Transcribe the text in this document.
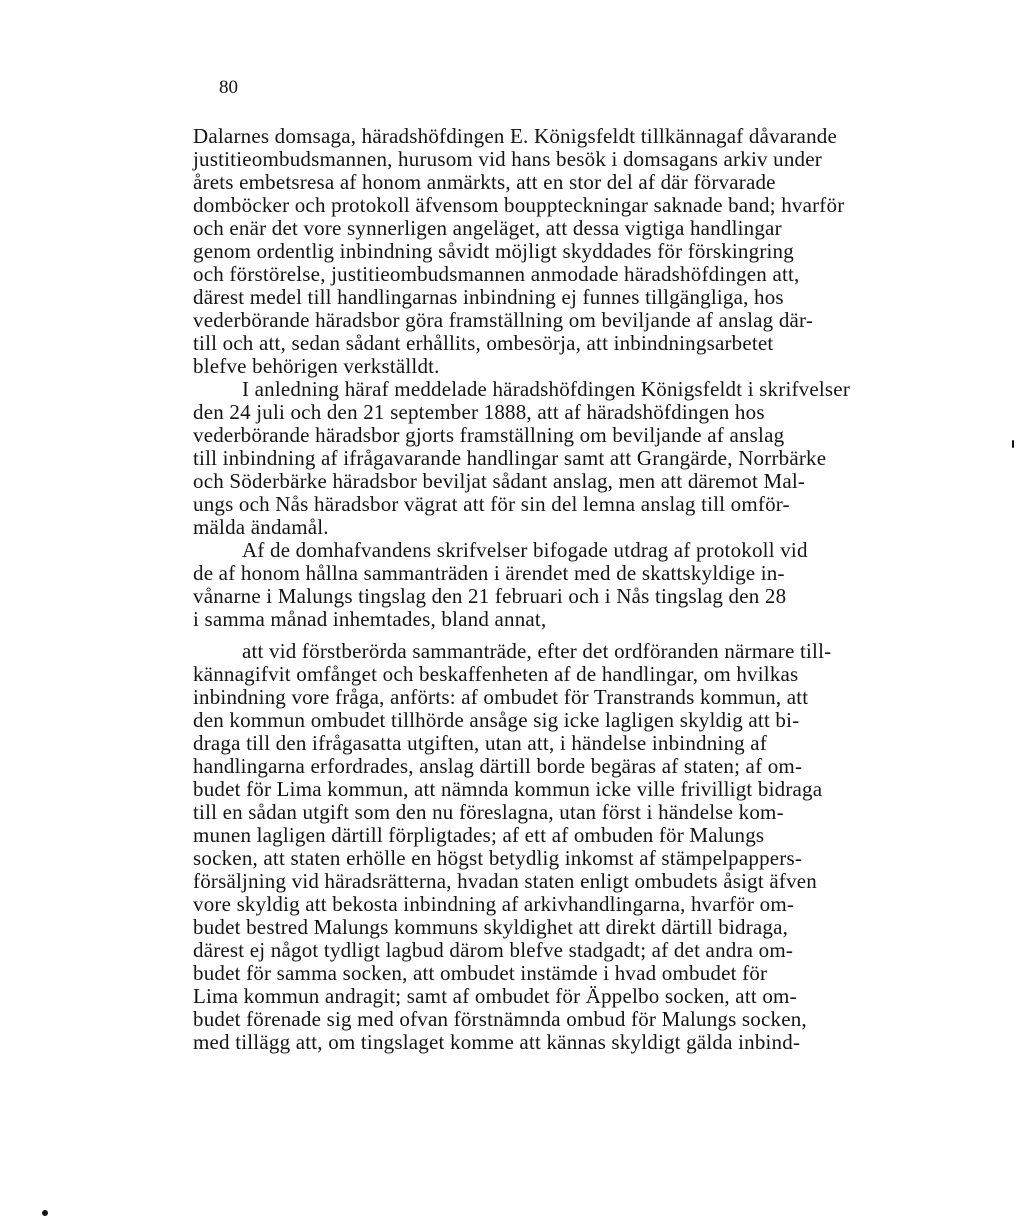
80
Dalarnes domsaga, häradshöfdingen E. Königsfeldt tillkännagaf dåvarande
justitieombudsmannen, hurusom vid hans besök i domsagans arkiv under
årets embetsresa af honom anmärkts, att en stor del af där förvarade
domböcker och protokoll äfvensom bouppteckningar saknade band; hvarför
och enär det vore synnerligen angeläget, att dessa vigtiga handlingar
genom ordentlig inbindning såvidt möjligt skyddades för förskingring
och förstörelse, justitieombudsmannen anmodade häradshöfdingen att,
därest medel till handlingarnas inbindning ej funnes tillgängliga, hos
vederbörande häradsbor göra framställning om beviljande af anslag där-
till och att, sedan sådant erhållits, ombesörja, att inbindningsarbetet
blefve behörigen verkställdt.
I anledning häraf meddelade häradshöfdingen Königsfeldt i skrifvelser
den 24 juli och den 21 september 1888, att af häradshöfdingen hos
vederbörande häradsbor gjorts framställning om beviljande af anslag
till inbindning af ifrågavarande handlingar samt att Grangärde, Norrbärke
och Söderbärke häradsbor beviljat sådant anslag, men att däremot Mal-
ungs och Nås häradsbor vägrat att för sin del lemna anslag till omför-
mälda ändamål.
Af de domhafvandens skrifvelser bifogade utdrag af protokoll vid
de af honom hållna sammanträden i ärendet med de skattskyldige in-
vånarne i Malungs tingslag den 21 februari och i Nås tingslag den 28
i samma månad inhemtades, bland annat,
att vid förstberörda sammanträde, efter det ordföranden närmare till-
kännagifvit omfånget och beskaffenheten af de handlingar, om hvilkas
inbindning vore fråga, anförts: af ombudet för Transtrands kommun, att
den kommun ombudet tillhörde ansåge sig icke lagligen skyldig att bi-
draga till den ifrågasatta utgiften, utan att, i händelse inbindning af
handlingarna erfordrades, anslag därtill borde begäras af staten; af om-
budet för Lima kommun, att nämnda kommun icke ville frivilligt bidraga
till en sådan utgift som den nu föreslagna, utan först i händelse kom-
munen lagligen därtill förpligtades; af ett af ombuden för Malungs
socken, att staten erhölle en högst betydlig inkomst af stämpelpappers-
försäljning vid häradsrätterna, hvadan staten enligt ombudets åsigt äfven
vore skyldig att bekosta inbindning af arkivhandlingarna, hvarför om-
budet bestred Malungs kommuns skyldighet att direkt därtill bidraga,
därest ej något tydligt lagbud därom blefve stadgadt; af det andra om-
budet för samma socken, att ombudet instämde i hvad ombudet för
Lima kommun andragit; samt af ombudet för Äppelbo socken, att om-
budet förenade sig med ofvan förstnämnda ombud för Malungs socken,
med tillägg att, om tingslaget komme att kännas skyldigt gälda inbind-
